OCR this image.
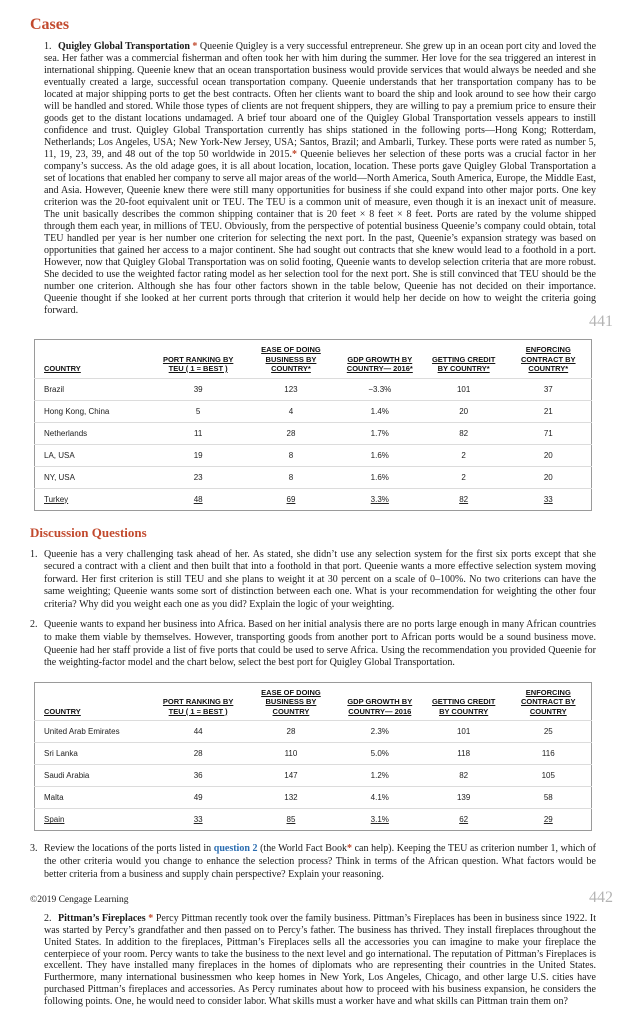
Cases

1. Quigley Global Transportation * Queenie Quigley is a very successful entrepreneur. She grew up in an ocean port city and loved the sea. Her father was a commercial fisherman and often took her with him during the summer. Her love for the sea triggered an interest in international shipping. Queenie knew that an ocean transportation business would provide services that would always be needed and she eventually created a large, successful ocean transportation company. Queenie understands that her transportation company has to be located at major shipping ports to get the best contracts. Often her clients want to board the ship and look around to see how their cargo will be handled and stored. While those types of clients are not frequent shippers, they are willing to pay a premium price to ensure their goods get to the distant locations undamaged. A brief tour aboard one of the Quigley Global Transportation vessels appears to instill confidence and trust. Quigley Global Transportation currently has ships stationed in the following ports—Hong Kong; Rotterdam, Netherlands; Los Angeles, USA; New York-New Jersey, USA; Santos, Brazil; and Ambarli, Turkey. These ports were rated as number 5, 11, 19, 23, 39, and 48 out of the top 50 worldwide in 2015.* Queenie believes her selection of these ports was a crucial factor in her company’s success. As the old adage goes, it is all about location, location, location. These ports gave Quigley Global Transportation a set of locations that enabled her company to serve all major areas of the world—North America, South America, Europe, the Middle East, and Asia. However, Queenie knew there were still many opportunities for business if she could expand into other major ports. One key criterion was the 20-foot equivalent unit or TEU. The TEU is a common unit of measure, even though it is an inexact unit of measure. The unit basically describes the common shipping container that is 20 feet × 8 feet × 8 feet. Ports are rated by the volume shipped through them each year, in millions of TEU. Obviously, from the perspective of potential business Queenie’s company could obtain, total TEU handled per year is her number one criterion for selecting the next port. In the past, Queenie’s expansion strategy was based on opportunities that gained her access to a major continent. She had sought out contracts that she knew would lead to a foothold in a port. However, now that Quigley Global Transportation was on solid footing, Queenie wants to develop selection criteria that are more robust. She decided to use the weighted factor rating model as her selection tool for the next port. She is still convinced that TEU should be the number one criterion. Although she has four other factors shown in the table below, Queenie has not decided on their importance. Queenie thought if she looked at her current ports through that criterion it would help her decide on how to weight the criteria going forward.

441
COUNTRY	PORT RANKING BY TEU ( 1 = BEST )	EASE OF DOING BUSINESS BY COUNTRY*	GDP GROWTH BY COUNTRY— 2016*	GETTING CREDIT BY COUNTRY*	ENFORCING CONTRACT BY COUNTRY*
Brazil	39	123	−3.3%	101	37
Hong Kong, China	5	4	1.4%	20	21
Netherlands	11	28	1.7%	82	71
LA, USA	19	8	1.6%	2	20
NY, USA	23	8	1.6%	2	20
Turkey	48	69	3.3%	82	33
Discussion Questions

1. Queenie has a very challenging task ahead of her. As stated, she didn’t use any selection system for the first six ports except that she secured a contract with a client and then built that into a foothold in that port. Queenie wants a more effective selection system moving forward. Her first criterion is still TEU and she plans to weight it at 30 percent on a scale of 0–100%. No two criterions can have the same weighting; Queenie wants some sort of distinction between each one. What is your recommendation for weighting the other four criteria? Why did you weight each one as you did? Explain the logic of your weighting.

2. Queenie wants to expand her business into Africa. Based on her initial analysis there are no ports large enough in many African countries to make them viable by themselves. However, transporting goods from another port to African ports would be a sound business move. Queenie had her staff provide a list of five ports that could be used to serve Africa. Using the recommendation you provided Queenie for the weighting-factor model and the chart below, select the best port for Quigley Global Transportation.

COUNTRY	PORT RANKING BY TEU ( 1 = BEST )	EASE OF DOING BUSINESS BY COUNTRY	GDP GROWTH BY COUNTRY— 2016	GETTING CREDIT BY COUNTRY	ENFORCING CONTRACT BY COUNTRY
United Arab Emirates	44	28	2.3%	101	25
Sri Lanka	28	110	5.0%	118	116
Saudi Arabia	36	147	1.2%	82	105
Malta	49	132	4.1%	139	58
Spain	33	85	3.1%	62	29

3. Review the locations of the ports listed in question 2 (the World Fact Book* can help). Keeping the TEU as criterion number 1, which of the other criteria would you change to enhance the selection process? Think in terms of the African question. What factors would be better criteria from a business and supply chain perspective? Explain your reasoning.

©2019 Cengage Learning	442

2. Pittman’s Fireplaces * Percy Pittman recently took over the family business. Pittman’s Fireplaces has been in business since 1922. It was started by Percy’s grandfather and then passed on to Percy’s father. The business has thrived. They install fireplaces throughout the United States. In addition to the fireplaces, Pittman’s Fireplaces sells all the accessories you can imagine to make your fireplace the centerpiece of your room. Percy wants to take the business to the next level and go international. The reputation of Pittman’s Fireplaces is excellent. They have installed many fireplaces in the homes of diplomats who are representing their countries in the United States. Furthermore, many international businessmen who keep homes in New York, Los Angeles, Chicago, and other large U.S. cities have purchased Pittman’s fireplaces and accessories. As Percy ruminates about how to proceed with his business expansion, he considers the following points. One, he would need to consider labor. What skills must a worker have and what skills can Pittman train them on?
